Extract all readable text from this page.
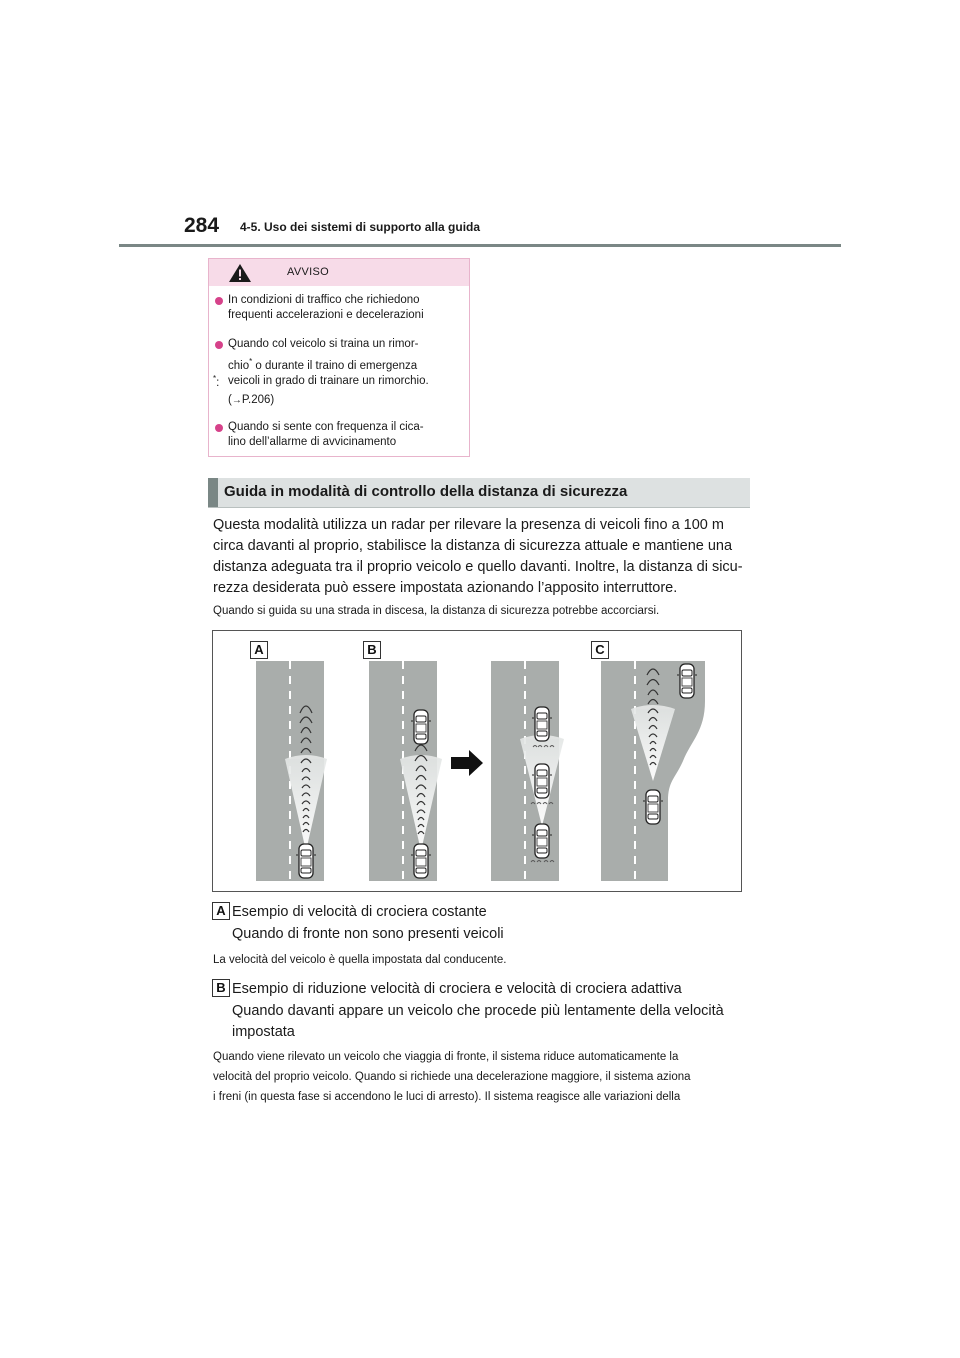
284 4-5. Uso dei sistemi di supporto alla guida
AVVISO
In condizioni di traffico che richiedono
frequenti accelerazioni e decelerazioni
Quando col veicolo si traina un rimor-
chio* o durante il traino di emergenza
*: veicoli in grado di trainare un rimorchio.
(→P.206)
Quando si sente con frequenza il cica-
lino dell’allarme di avvicinamento
Guida in modalità di controllo della distanza di sicurezza
Questa modalità utilizza un radar per rilevare la presenza di veicoli fino a 100 m
circa davanti al proprio, stabilisce la distanza di sicurezza attuale e mantiene una
distanza adeguata tra il proprio veicolo e quello davanti. Inoltre, la distanza di sicu-
rezza desiderata può essere impostata azionando l’apposito interruttore.
Quando si guida su una strada in discesa, la distanza di sicurezza potrebbe accorciarsi.
A	B	C
A Esempio di velocità di crociera costante
Quando di fronte non sono presenti veicoli
La velocità del veicolo è quella impostata dal conducente.
B Esempio di riduzione velocità di crociera e velocità di crociera adattiva
Quando davanti appare un veicolo che procede più lentamente della velocità
impostata
Quando viene rilevato un veicolo che viaggia di fronte, il sistema riduce automaticamente la
velocità del proprio veicolo. Quando si richiede una decelerazione maggiore, il sistema aziona
i freni (in questa fase si accendono le luci di arresto). Il sistema reagisce alle variazioni della
